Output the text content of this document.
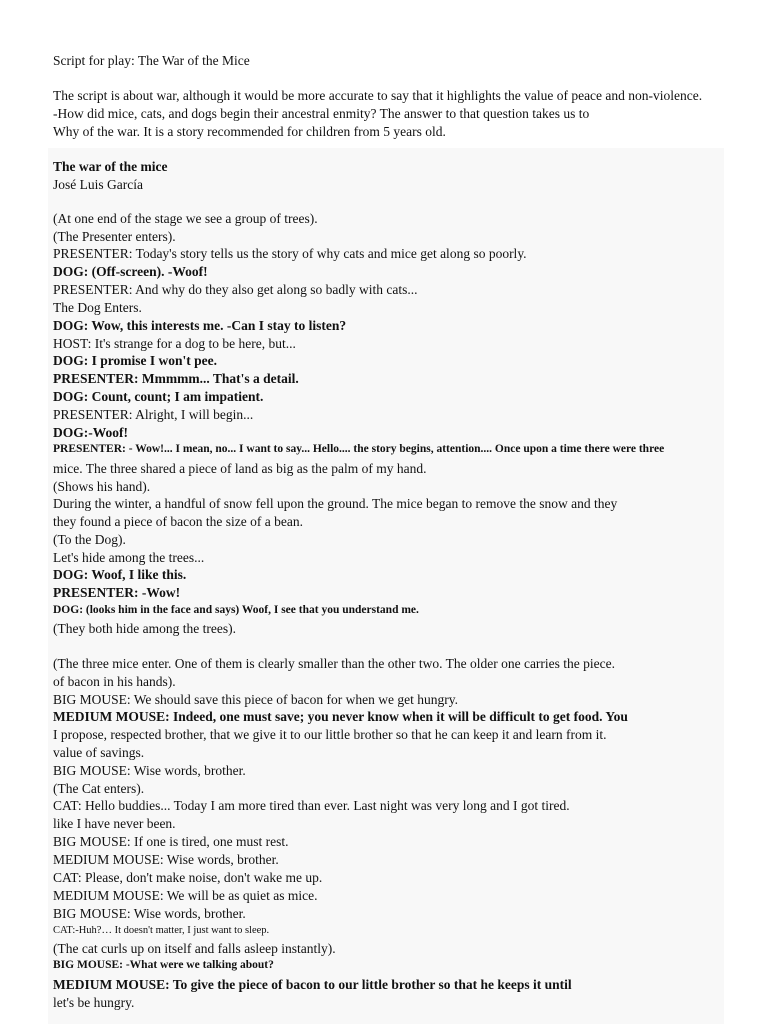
Script for play: The War of the Mice
The script is about war, although it would be more accurate to say that it highlights the value of peace and non-violence.
-How did mice, cats, and dogs begin their ancestral enmity? The answer to that question takes us to
Why of the war. It is a story recommended for children from 5 years old.
The war of the mice
José Luis García
(At one end of the stage we see a group of trees).
(The Presenter enters).
PRESENTER: Today's story tells us the story of why cats and mice get along so poorly.
DOG: (Off-screen). -Woof!
PRESENTER: And why do they also get along so badly with cats...
The Dog Enters.
DOG: Wow, this interests me. -Can I stay to listen?
HOST: It's strange for a dog to be here, but...
DOG: I promise I won't pee.
PRESENTER: Mmmmm... That's a detail.
DOG: Count, count; I am impatient.
PRESENTER: Alright, I will begin...
DOG:-Woof!
PRESENTER: - Wow!... I mean, no... I want to say... Hello.... the story begins, attention.... Once upon a time there were three
mice. The three shared a piece of land as big as the palm of my hand.
(Shows his hand).
During the winter, a handful of snow fell upon the ground. The mice began to remove the snow and they
they found a piece of bacon the size of a bean.
(To the Dog).
Let's hide among the trees...
DOG: Woof, I like this.
PRESENTER: -Wow!
DOG: (looks him in the face and says) Woof, I see that you understand me.
(They both hide among the trees).
(The three mice enter. One of them is clearly smaller than the other two. The older one carries the piece.
of bacon in his hands).
BIG MOUSE: We should save this piece of bacon for when we get hungry.
MEDIUM MOUSE: Indeed, one must save; you never know when it will be difficult to get food. You
I propose, respected brother, that we give it to our little brother so that he can keep it and learn from it.
value of savings.
BIG MOUSE: Wise words, brother.
(The Cat enters).
CAT: Hello buddies... Today I am more tired than ever. Last night was very long and I got tired.
like I have never been.
BIG MOUSE: If one is tired, one must rest.
MEDIUM MOUSE: Wise words, brother.
CAT: Please, don't make noise, don't wake me up.
MEDIUM MOUSE: We will be as quiet as mice.
BIG MOUSE: Wise words, brother.
CAT:-Huh?… It doesn't matter, I just want to sleep.
(The cat curls up on itself and falls asleep instantly).
BIG MOUSE: -What were we talking about?
MEDIUM MOUSE: To give the piece of bacon to our little brother so that he keeps it until
let's be hungry.
